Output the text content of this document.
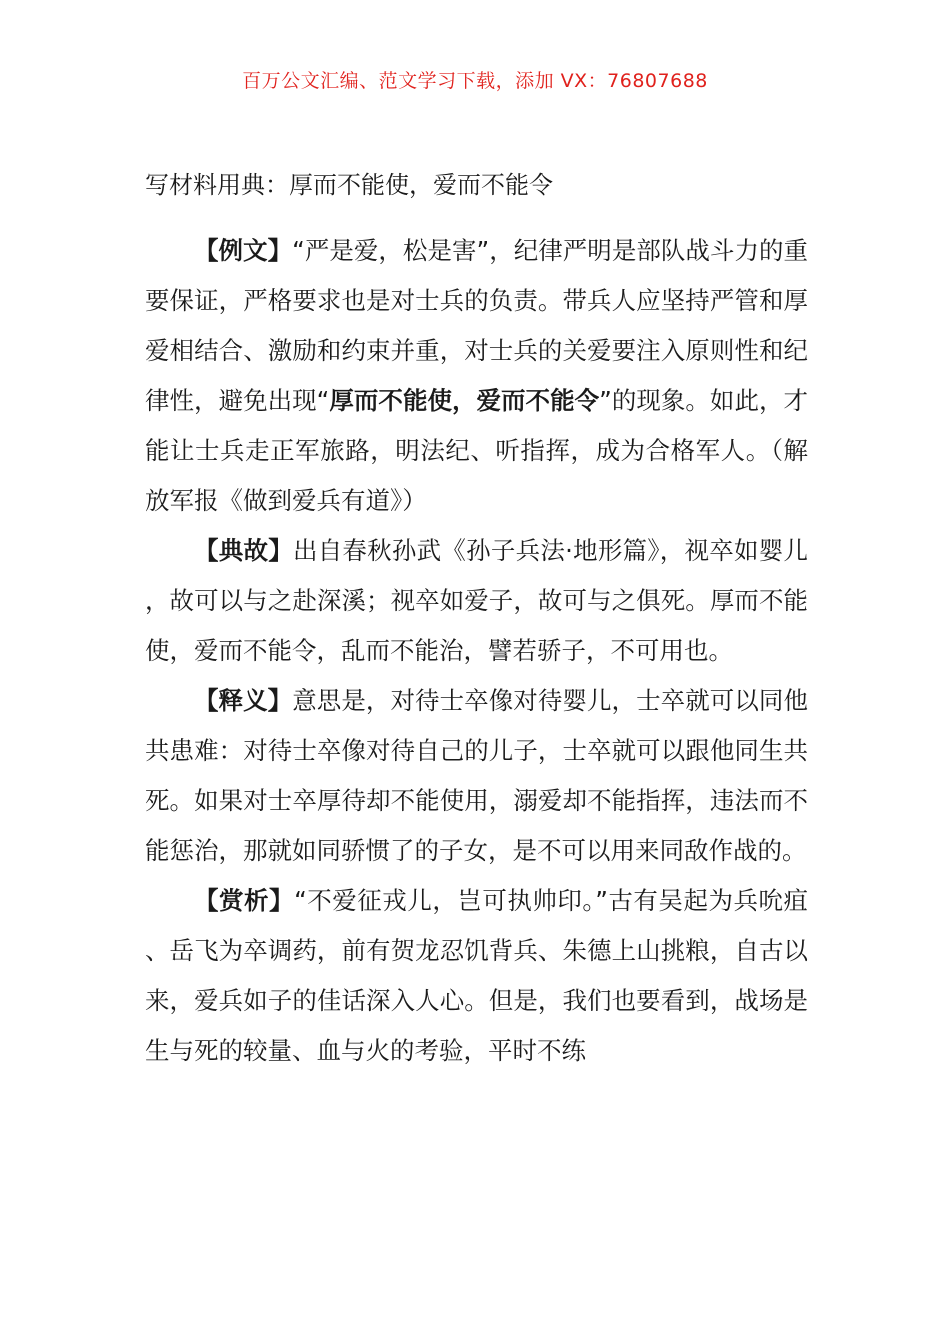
百万公文汇编、范文学习下载，添加 VX：76807688
写材料用典：厚而不能使，爱而不能令

【例文】“严是爱，松是害”，纪律严明是部队战斗力的重要保证，严格要求也是对士兵的负责。带兵人应坚持严管和厚爱相结合、激励和约束并重，对士兵的关爱要注入原则性和纪律性，避免出现“厚而不能使，爱而不能令”的现象。如此，才能让士兵走正军旅路，明法纪、听指挥，成为合格军人。（解放军报《做到爱兵有道》）

【典故】出自春秋孙武《孙子兵法·地形篇》，视卒如婴儿，故可以与之赴深溪；视卒如爱子，故可与之俱死。厚而不能使，爱而不能令，乱而不能治，譬若骄子，不可用也。

【释义】意思是，对待士卒像对待婴儿，士卒就可以同他共患难：对待士卒像对待自己的儿子，士卒就可以跟他同生共死。如果对士卒厚待却不能使用，溺爱却不能指挥，违法而不能惩治，那就如同骄惯了的子女，是不可以用来同敌作战的。

【赏析】“不爱征戎儿，岂可执帅印。”古有吴起为兵吮疽、岳飞为卒调药，前有贺龙忍饥背兵、朱德上山挑粮，自古以来，爱兵如子的佳话深入人心。但是，我们也要看到，战场是生与死的较量、血与火的考验，平时不练
